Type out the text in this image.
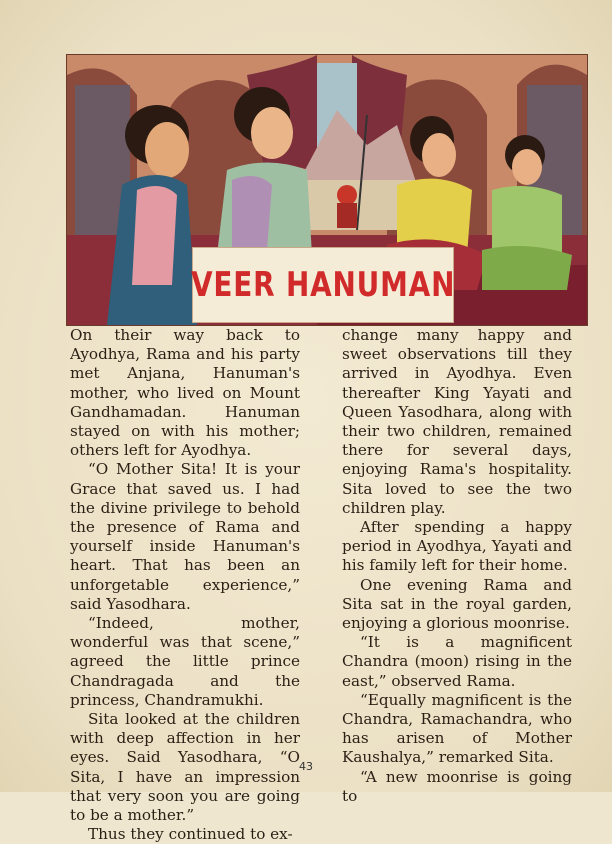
VEER HANUMAN

On their way back to Ayodhya, Rama and his party met Anjana, Hanuman's mother, who lived on Mount Gandhamadan. Hanuman stayed on with his mother; others left for Ayodhya.

“O Mother Sita! It is your Grace that saved us. I had the divine privilege to behold the presence of Rama and yourself inside Hanuman's heart. That has been an unforgetable experience,” said Yasodhara.

“Indeed, mother, wonderful was that scene,” agreed the little prince Chandragada and the princess, Chandramukhi.

Sita looked at the children with deep affection in her eyes. Said Yasodhara, “O Sita, I have an impression that very soon you are going to be a mother.”

Thus they continued to ex-

change many happy and sweet observations till they arrived in Ayodhya. Even thereafter King Yayati and Queen Yasodhara, along with their two children, remained there for several days, enjoying Rama's hospitality. Sita loved to see the two children play.

After spending a happy period in Ayodhya, Yayati and his family left for their home.

One evening Rama and Sita sat in the royal garden, enjoying a glorious moonrise.

“It is a magnificent Chandra (moon) rising in the east,” observed Rama.

“Equally magnificent is the Chandra, Ramachandra, who has arisen of Mother Kaushalya,” remarked Sita.

“A new moonrise is going to

43
